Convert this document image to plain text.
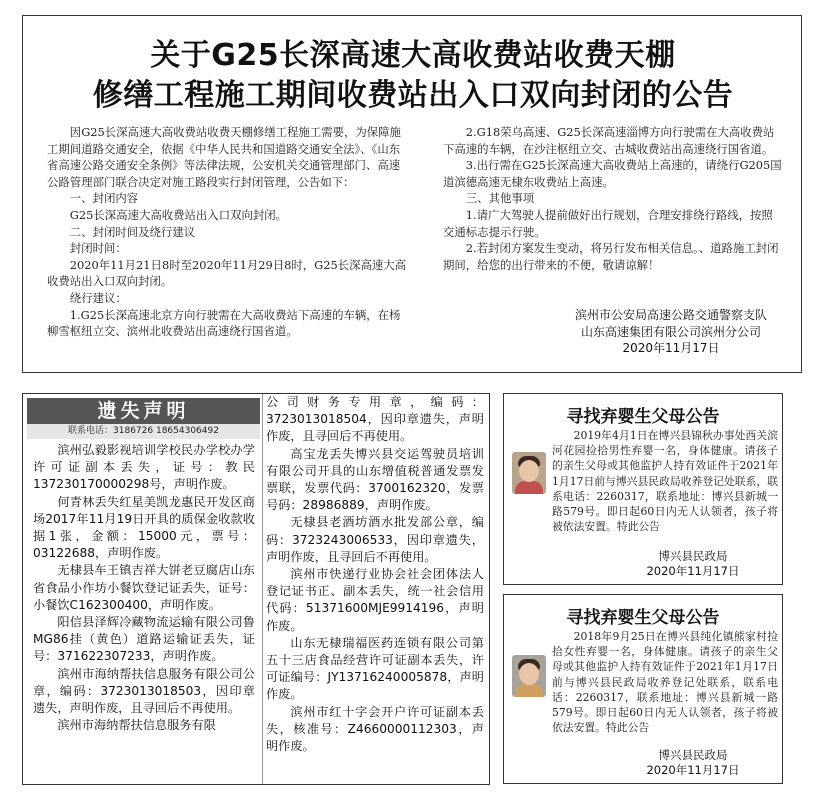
关于G25长深高速大高收费站收费天棚
修缮工程施工期间收费站出入口双向封闭的公告

因G25长深高速大高收费站收费天棚修缮工程施工需要，为保障施工期间道路交通安全，依据《中华人民共和国道路交通安全法》、《山东省高速公路交通安全条例》等法律法规，公安机关交通管理部门、高速公路管理部门联合决定对施工路段实行封闭管理，公告如下：

一、封闭内容

G25长深高速大高收费站出入口双向封闭。

二、封闭时间及绕行建议

封闭时间：

2020年11月21日8时至2020年11月29日8时，G25长深高速大高收费站出入口双向封闭。

绕行建议：

1.G25长深高速北京方向行驶需在大高收费站下高速的车辆，在杨柳雪枢纽立交、滨州北收费站出高速绕行国省道。

2.G18荣乌高速、G25长深高速淄博方向行驶需在大高收费站下高速的车辆，在沙注枢纽立交、古城收费站出高速绕行国省道。

3.出行需在G25长深高速大高收费站上高速的，请绕行G205国道滨德高速无棣东收费站上高速。

三、其他事项

1.请广大驾驶人提前做好出行规划，合理安排绕行路线，按照交通标志提示行驶。

2.若封闭方案发生变动，将另行发布相关信息。、道路施工封闭期间，给您的出行带来的不便，敬请谅解！

滨州市公安局高速公路交通警察支队
山东高速集团有限公司滨州分公司
2020年11月17日
遗失声明
联系电话：3186726 18654306492

滨州弘毅影视培训学校民办学校办学许可证副本丢失，证号：教民137230170000298号，声明作废。

何青林丢失红星美凯龙惠民开发区商场2017年11月19日开具的质保金收款收据1张，金额：15000元，票号：03122688，声明作废。

无棣县车王镇吉祥大饼老豆腐店山东省食品小作坊小餐饮登记证丢失，证号：小餐饮C162300400，声明作废。

阳信县泽辉冷藏物流运输有限公司鲁MG86挂（黄色）道路运输证丢失，证号：371622307233，声明作废。

滨州市海纳帮扶信息服务有限公司公章，编码：3723013018503，因印章遗失，声明作废，且寻回后不再使用。

滨州市海纳帮扶信息服务有限

公司财务专用章，编码：3723013018504，因印章遗失，声明作废，且寻回后不再使用。

高宝龙丢失博兴县交运驾驶员培训有限公司开具的山东增值税普通发票发票联，发票代码：3700162320，发票号码：28986889，声明作废。

无棣县老酒坊酒水批发部公章，编码：3723243006533，因印章遗失，声明作废，且寻回后不再使用。

滨州市快递行业协会社会团体法人登记证书正、副本丢失，统一社会信用代码：51371600MJE9914196，声明作废。

山东无棣瑞福医药连锁有限公司第五十三店食品经营许可证副本丢失，许可证编号：JY13716240005878，声明作废。

滨州市红十字会开户许可证副本丢失，核准号：Z4660000112303，声明作废。

寻找弃婴生父母公告
2019年4月1日在博兴县锦秋办事处西关滨河花园捡拾男性弃婴一名，身体健康。请孩子的亲生父母或其他监护人持有效证件于2021年1月17日前与博兴县民政局收养登记处联系，联系电话：2260317，联系地址：博兴县新城一路579号。即日起60日内无人认领者，孩子将被依法安置。特此公告
博兴县民政局
2020年11月17日
寻找弃婴生父母公告
2018年9月25日在博兴县纯化镇熊家村捡拾女性弃婴一名，身体健康。请孩子的亲生父母或其他监护人持有效证件于2021年1月17日前与博兴县民政局收养登记处联系，联系电话：2260317，联系地址：博兴县新城一路579号。即日起60日内无人认领者，孩子将被依法安置。特此公告
博兴县民政局
2020年11月17日
